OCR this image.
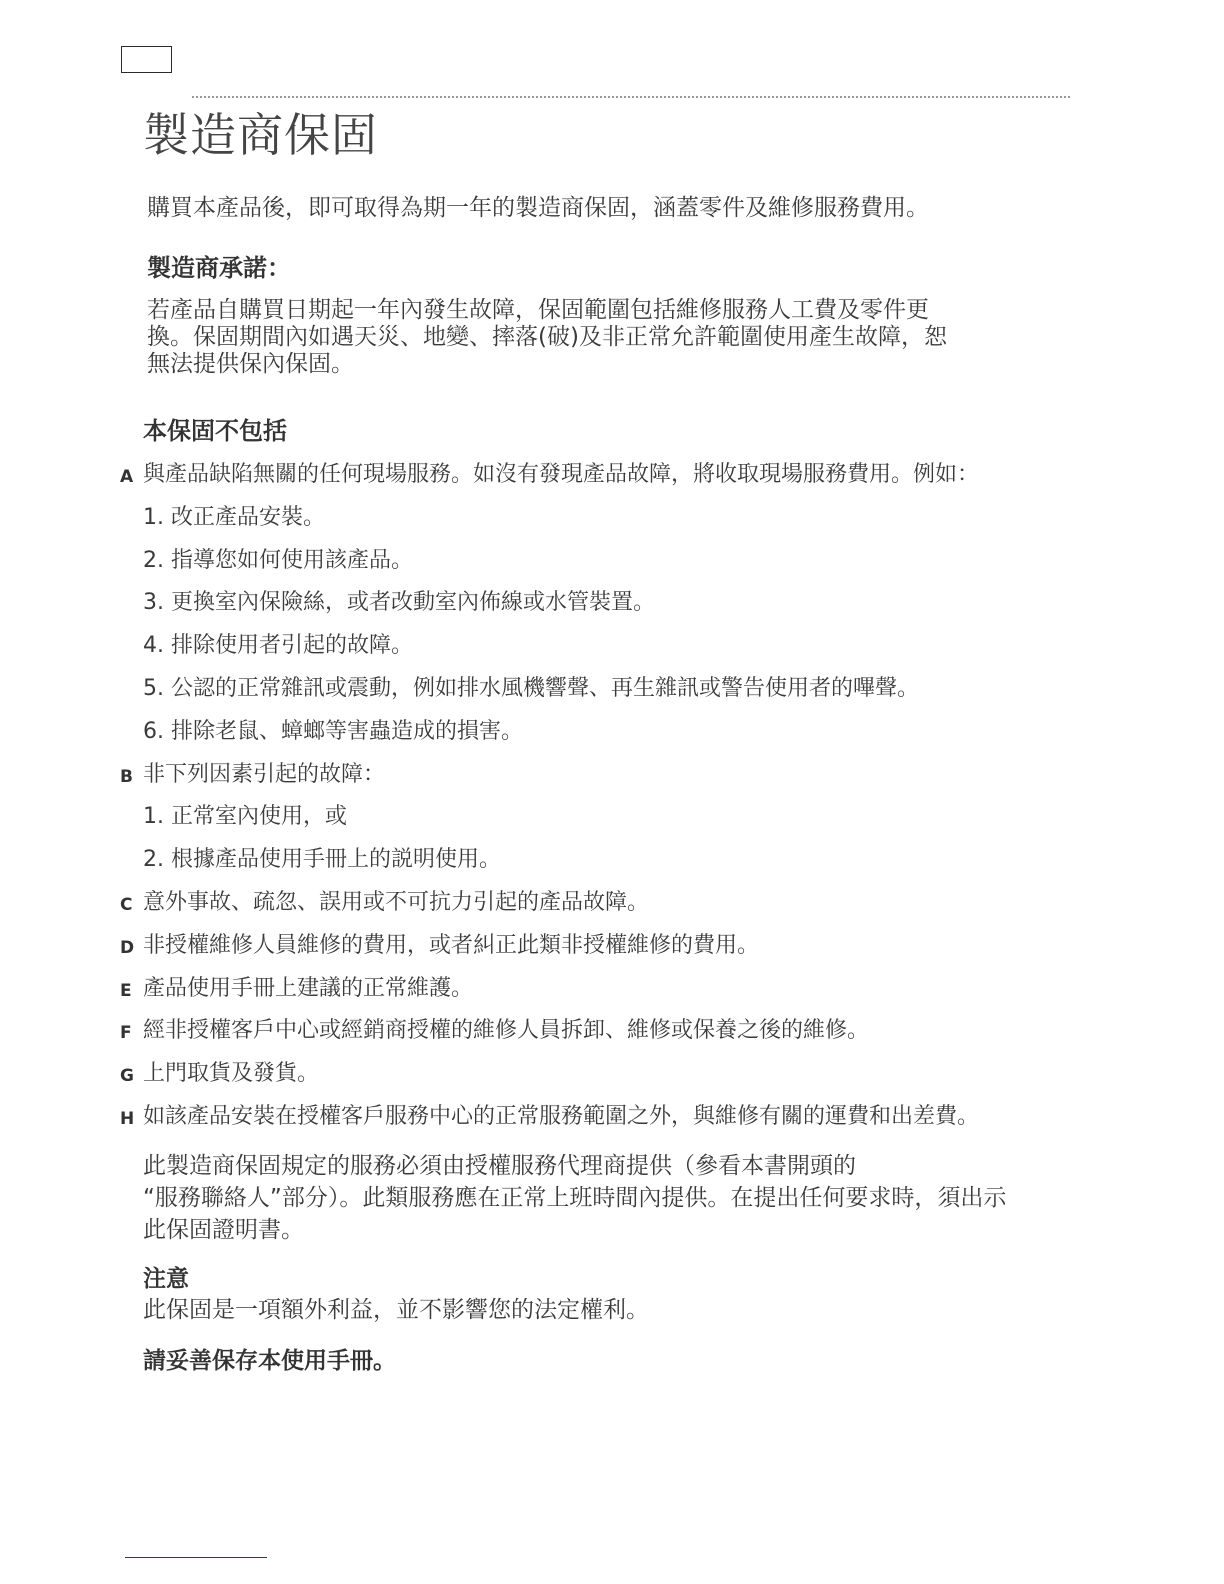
製造商保固

購買本產品後，即可取得為期一年的製造商保固，涵蓋零件及維修服務費用。

製造商承諾：
若產品自購買日期起一年內發生故障，保固範圍包括維修服務人工費及零件更
換。保固期間內如遇天災、地變、摔落(破)及非正常允許範圍使用產生故障，恕
無法提供保內保固。
本保固不包括
A 與產品缺陷無關的任何現場服務。如沒有發現產品故障，將收取現場服務費用。例如：
1. 改正產品安裝。
2. 指導您如何使用該產品。
3. 更換室內保險絲，或者改動室內佈線或水管裝置。
4. 排除使用者引起的故障。
5. 公認的正常雜訊或震動，例如排水風機響聲、再生雜訊或警告使用者的嗶聲。
6. 排除老鼠、蟑螂等害蟲造成的損害。
B 非下列因素引起的故障：
1. 正常室內使用，或
2. 根據產品使用手冊上的説明使用。
C 意外事故、疏忽、誤用或不可抗力引起的產品故障。
D 非授權維修人員維修的費用，或者糾正此類非授權維修的費用。
E 產品使用手冊上建議的正常維護。
F 經非授權客戶中心或經銷商授權的維修人員拆卸、維修或保養之後的維修。
G 上門取貨及發貨。
H 如該產品安裝在授權客戶服務中心的正常服務範圍之外，與維修有關的運費和出差費。
此製造商保固規定的服務必須由授權服務代理商提供（參看本書開頭的
“服務聯絡人”部分）。此類服務應在正常上班時間內提供。在提出任何要求時，須出示
此保固證明書。
注意
此保固是一項額外利益，並不影響您的法定權利。
請妥善保存本使用手冊。
